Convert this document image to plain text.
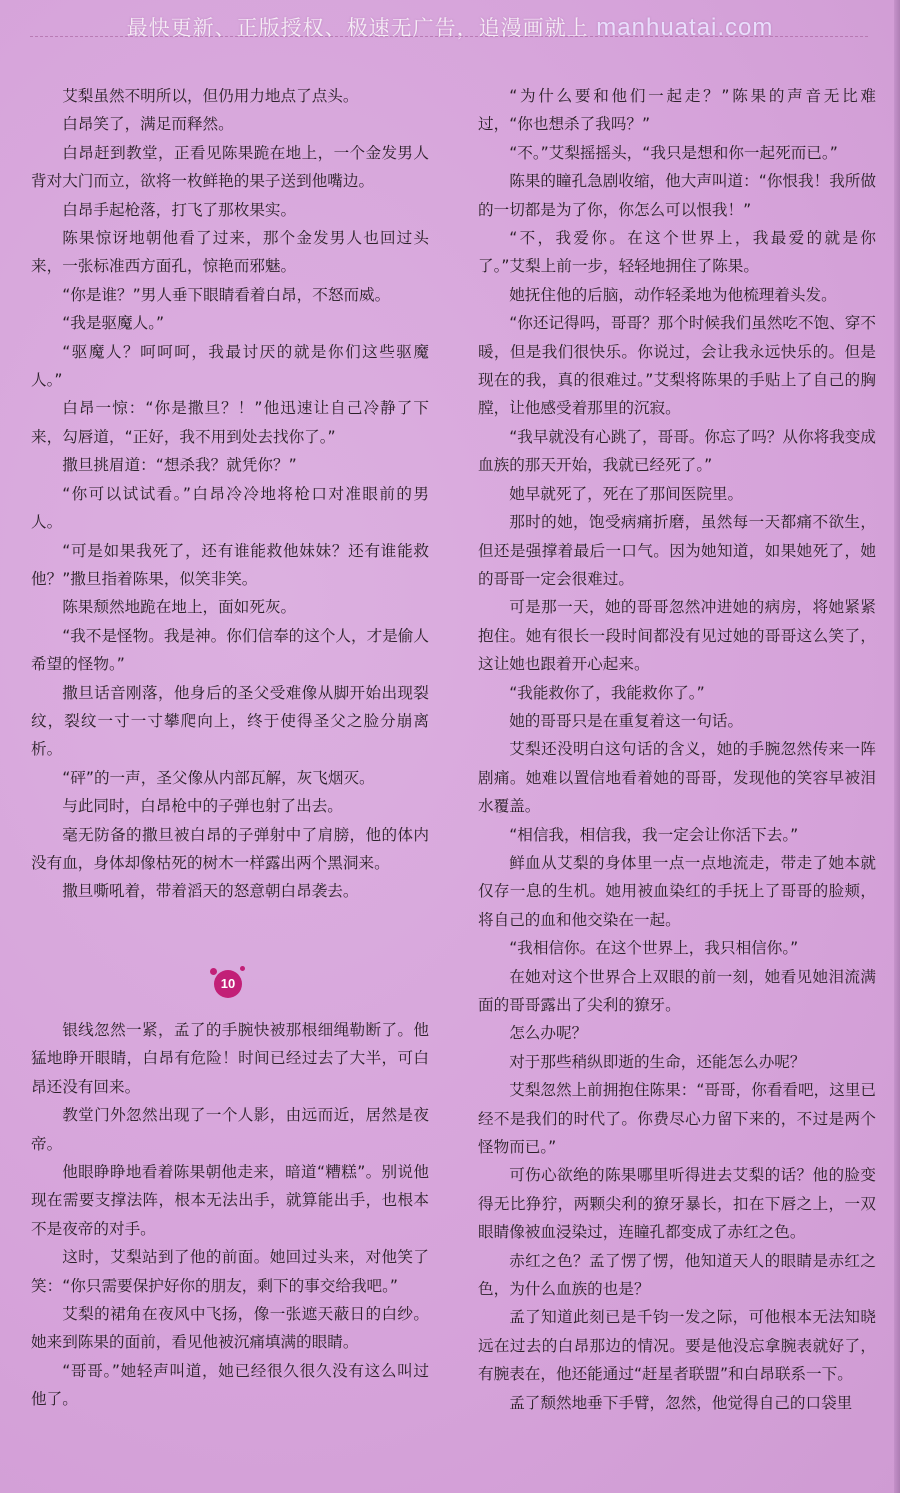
最快更新、正版授权、极速无广告，追漫画就上 manhuatai.com

艾梨虽然不明所以，但仍用力地点了点头。

白昂笑了，满足而释然。

白昂赶到教堂，正看见陈果跪在地上，一个金发男人背对大门而立，欲将一枚鲜艳的果子送到他嘴边。

白昂手起枪落，打飞了那枚果实。

陈果惊讶地朝他看了过来，那个金发男人也回过头来，一张标准西方面孔，惊艳而邪魅。

“你是谁？”男人垂下眼睛看着白昂，不怒而威。

“我是驱魔人。”

“驱魔人？呵呵呵，我最讨厌的就是你们这些驱魔人。”

白昂一惊：“你是撒旦？！”他迅速让自己冷静了下来，勾唇道，“正好，我不用到处去找你了。”

撒旦挑眉道：“想杀我？就凭你？”

“你可以试试看。”白昂冷冷地将枪口对准眼前的男人。

“可是如果我死了，还有谁能救他妹妹？还有谁能救他？”撒旦指着陈果，似笑非笑。

陈果颓然地跪在地上，面如死灰。

“我不是怪物。我是神。你们信奉的这个人，才是偷人希望的怪物。”

撒旦话音刚落，他身后的圣父受难像从脚开始出现裂纹，裂纹一寸一寸攀爬向上，终于使得圣父之脸分崩离析。

“砰”的一声，圣父像从内部瓦解，灰飞烟灭。

与此同时，白昂枪中的子弹也射了出去。

毫无防备的撒旦被白昂的子弹射中了肩膀，他的体内没有血，身体却像枯死的树木一样露出两个黑洞来。

撒旦嘶吼着，带着滔天的怒意朝白昂袭去。

10

银线忽然一紧，孟了的手腕快被那根细绳勒断了。他猛地睁开眼睛，白昂有危险！时间已经过去了大半，可白昂还没有回来。

教堂门外忽然出现了一个人影，由远而近，居然是夜帝。

他眼睁睁地看着陈果朝他走来，暗道“糟糕”。别说他现在需要支撑法阵，根本无法出手，就算能出手，也根本不是夜帝的对手。

这时，艾梨站到了他的前面。她回过头来，对他笑了笑：“你只需要保护好你的朋友，剩下的事交给我吧。”

艾梨的裙角在夜风中飞扬，像一张遮天蔽日的白纱。她来到陈果的面前，看见他被沉痛填满的眼睛。

“哥哥。”她轻声叫道，她已经很久很久没有这么叫过他了。

“为什么要和他们一起走？”陈果的声音无比难过，“你也想杀了我吗？”

“不。”艾梨摇摇头，“我只是想和你一起死而已。”

陈果的瞳孔急剧收缩，他大声叫道：“你恨我！我所做的一切都是为了你，你怎么可以恨我！”

“不，我爱你。在这个世界上，我最爱的就是你了。”艾梨上前一步，轻轻地拥住了陈果。

她抚住他的后脑，动作轻柔地为他梳理着头发。

“你还记得吗，哥哥？那个时候我们虽然吃不饱、穿不暖，但是我们很快乐。你说过，会让我永远快乐的。但是现在的我，真的很难过。”艾梨将陈果的手贴上了自己的胸膛，让他感受着那里的沉寂。

“我早就没有心跳了，哥哥。你忘了吗？从你将我变成血族的那天开始，我就已经死了。”

她早就死了，死在了那间医院里。

那时的她，饱受病痛折磨，虽然每一天都痛不欲生，但还是强撑着最后一口气。因为她知道，如果她死了，她的哥哥一定会很难过。

可是那一天，她的哥哥忽然冲进她的病房，将她紧紧抱住。她有很长一段时间都没有见过她的哥哥这么笑了，这让她也跟着开心起来。

“我能救你了，我能救你了。”

她的哥哥只是在重复着这一句话。

艾梨还没明白这句话的含义，她的手腕忽然传来一阵剧痛。她难以置信地看着她的哥哥，发现他的笑容早被泪水覆盖。

“相信我，相信我，我一定会让你活下去。”

鲜血从艾梨的身体里一点一点地流走，带走了她本就仅存一息的生机。她用被血染红的手抚上了哥哥的脸颊，将自己的血和他交染在一起。

“我相信你。在这个世界上，我只相信你。”

在她对这个世界合上双眼的前一刻，她看见她泪流满面的哥哥露出了尖利的獠牙。

怎么办呢？

对于那些稍纵即逝的生命，还能怎么办呢？

艾梨忽然上前拥抱住陈果：“哥哥，你看看吧，这里已经不是我们的时代了。你费尽心力留下来的，不过是两个怪物而已。”

可伤心欲绝的陈果哪里听得进去艾梨的话？他的脸变得无比狰狞，两颗尖利的獠牙暴长，扣在下唇之上，一双眼睛像被血浸染过，连瞳孔都变成了赤红之色。

赤红之色？孟了愣了愣，他知道天人的眼睛是赤红之色，为什么血族的也是？

孟了知道此刻已是千钧一发之际，可他根本无法知晓远在过去的白昂那边的情况。要是他没忘拿腕表就好了，有腕表在，他还能通过“赶星者联盟”和白昂联系一下。

孟了颓然地垂下手臂，忽然，他觉得自己的口袋里
